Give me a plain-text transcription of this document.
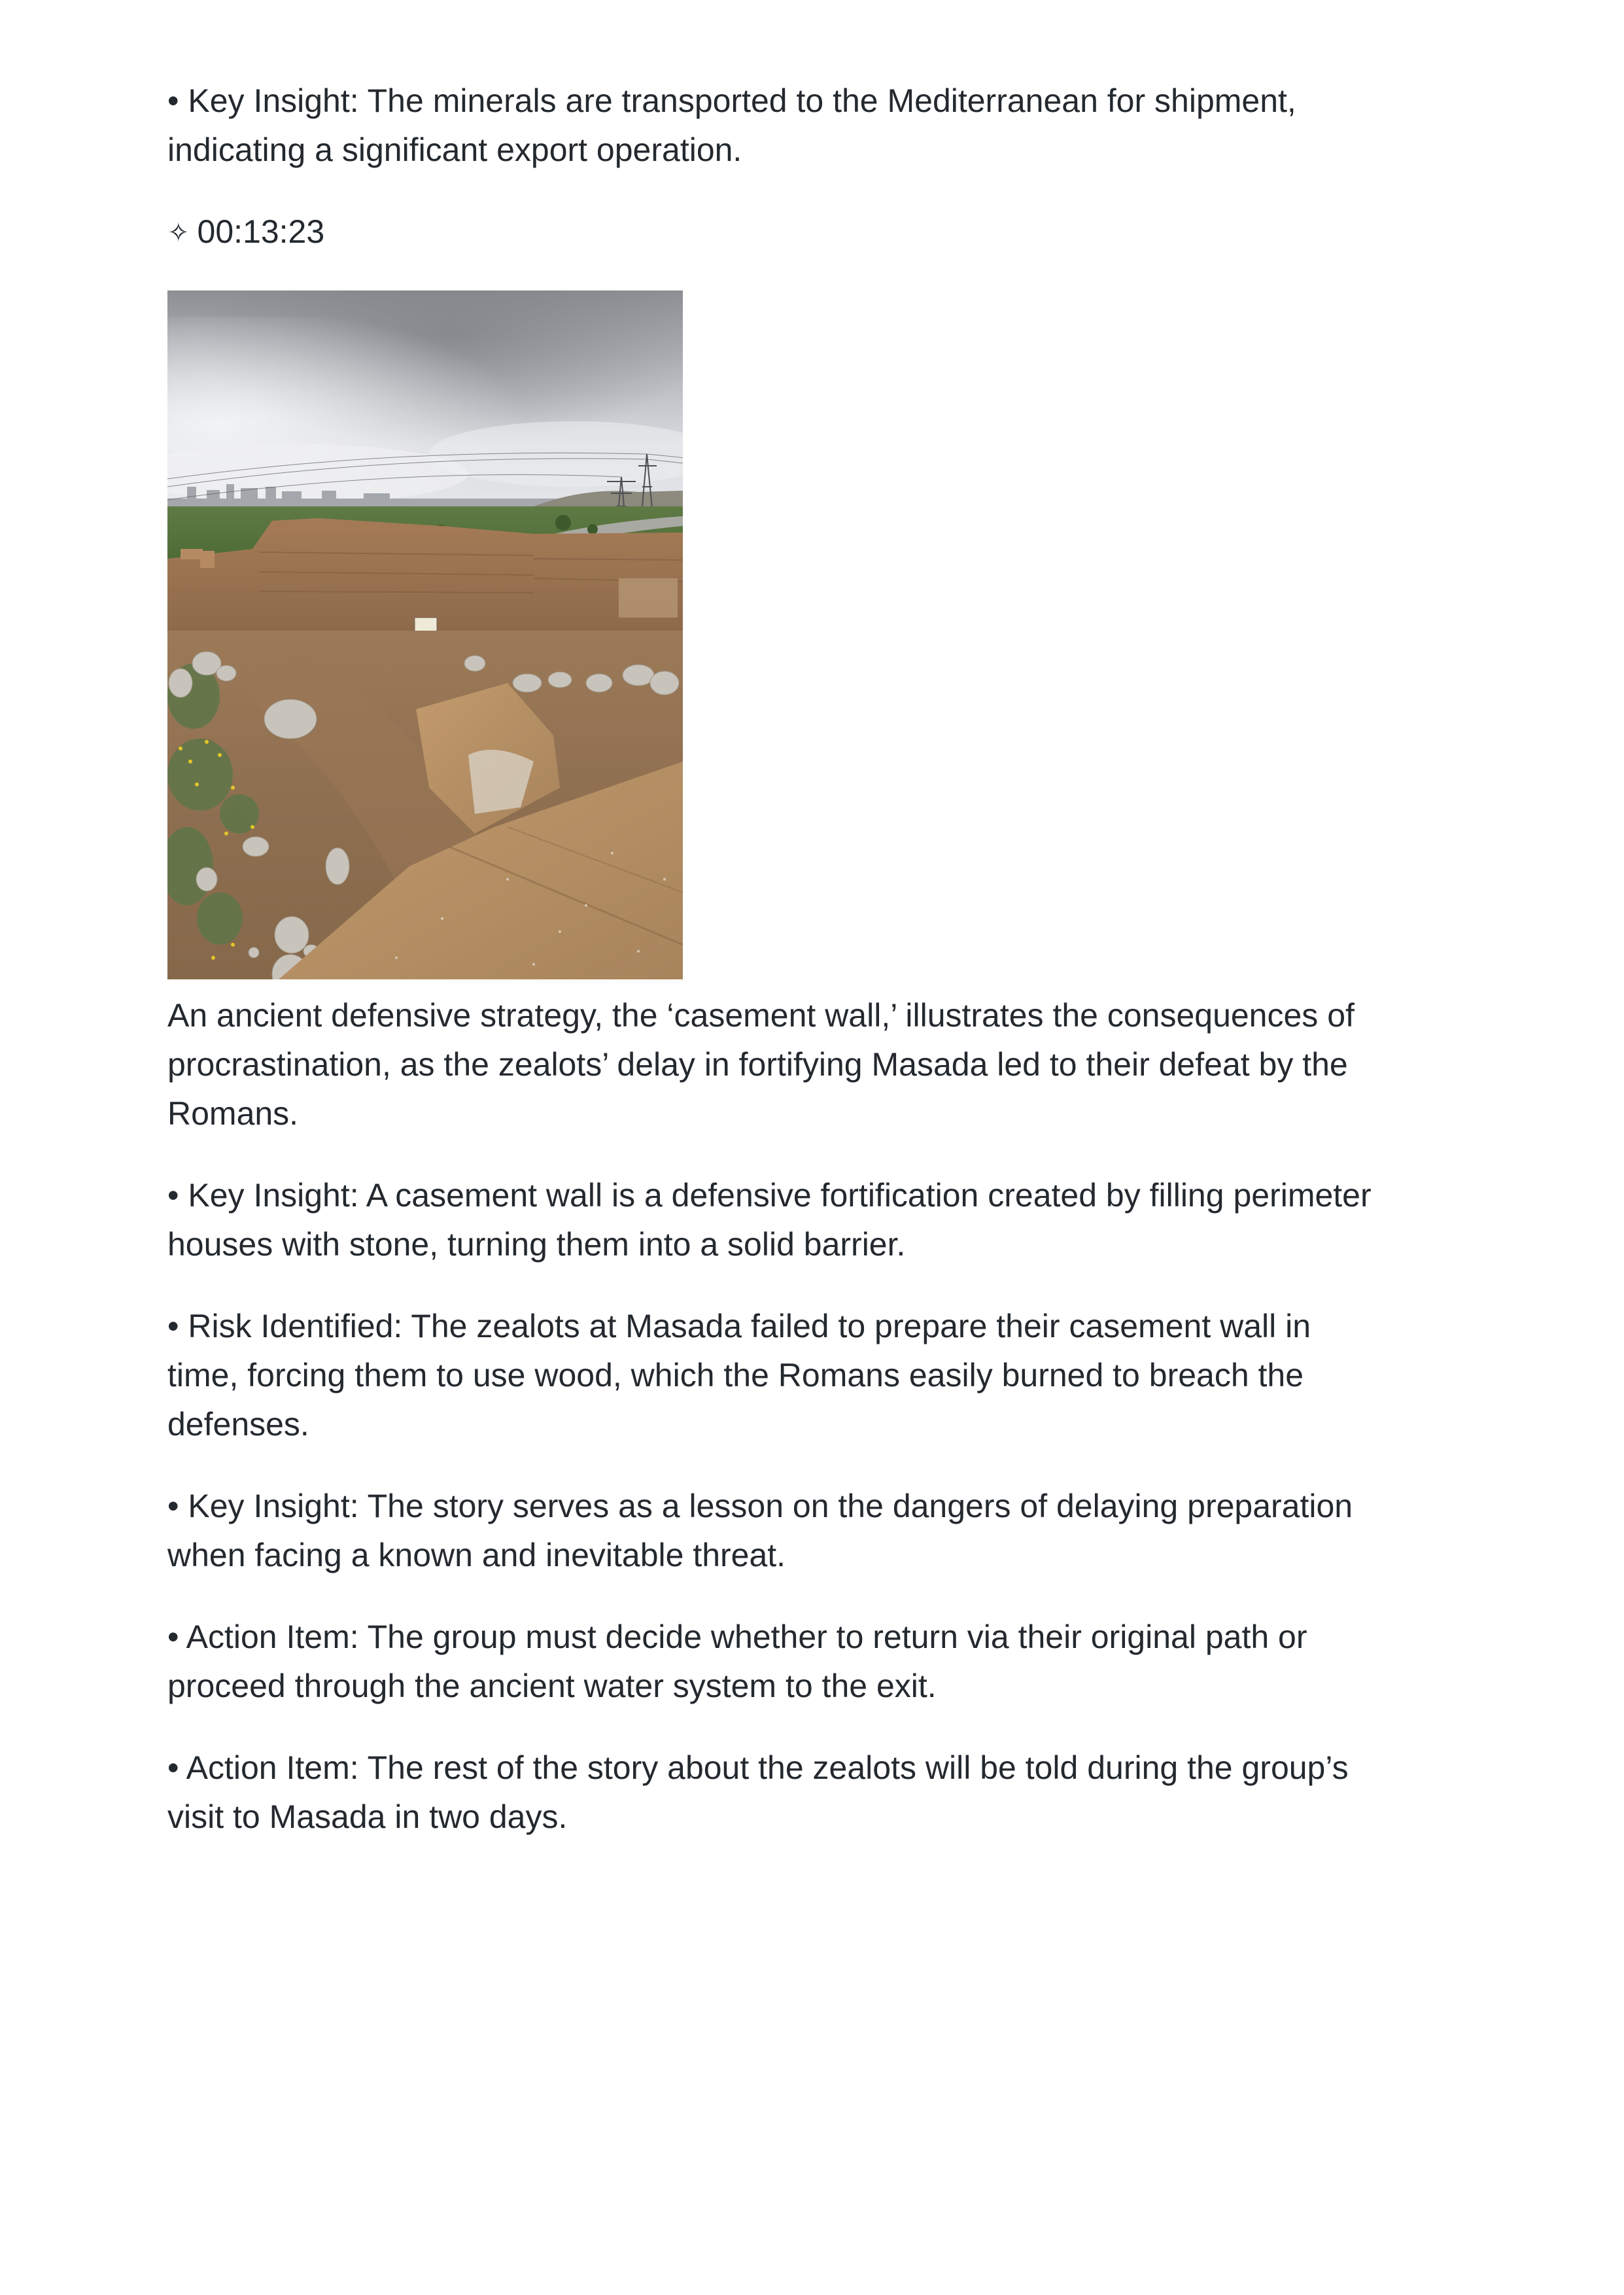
• Key Insight: The minerals are transported to the Mediterranean for shipment,
indicating a significant export operation.

✧ 00:13:23

An ancient defensive strategy, the ‘casement wall,’ illustrates the consequences of
procrastination, as the zealots’ delay in fortifying Masada led to their defeat by the
Romans.

• Key Insight: A casement wall is a defensive fortification created by filling perimeter
houses with stone, turning them into a solid barrier.

• Risk Identified: The zealots at Masada failed to prepare their casement wall in
time, forcing them to use wood, which the Romans easily burned to breach the
defenses.

• Key Insight: The story serves as a lesson on the dangers of delaying preparation
when facing a known and inevitable threat.

• Action Item: The group must decide whether to return via their original path or
proceed through the ancient water system to the exit.

• Action Item: The rest of the story about the zealots will be told during the group’s
visit to Masada in two days.
